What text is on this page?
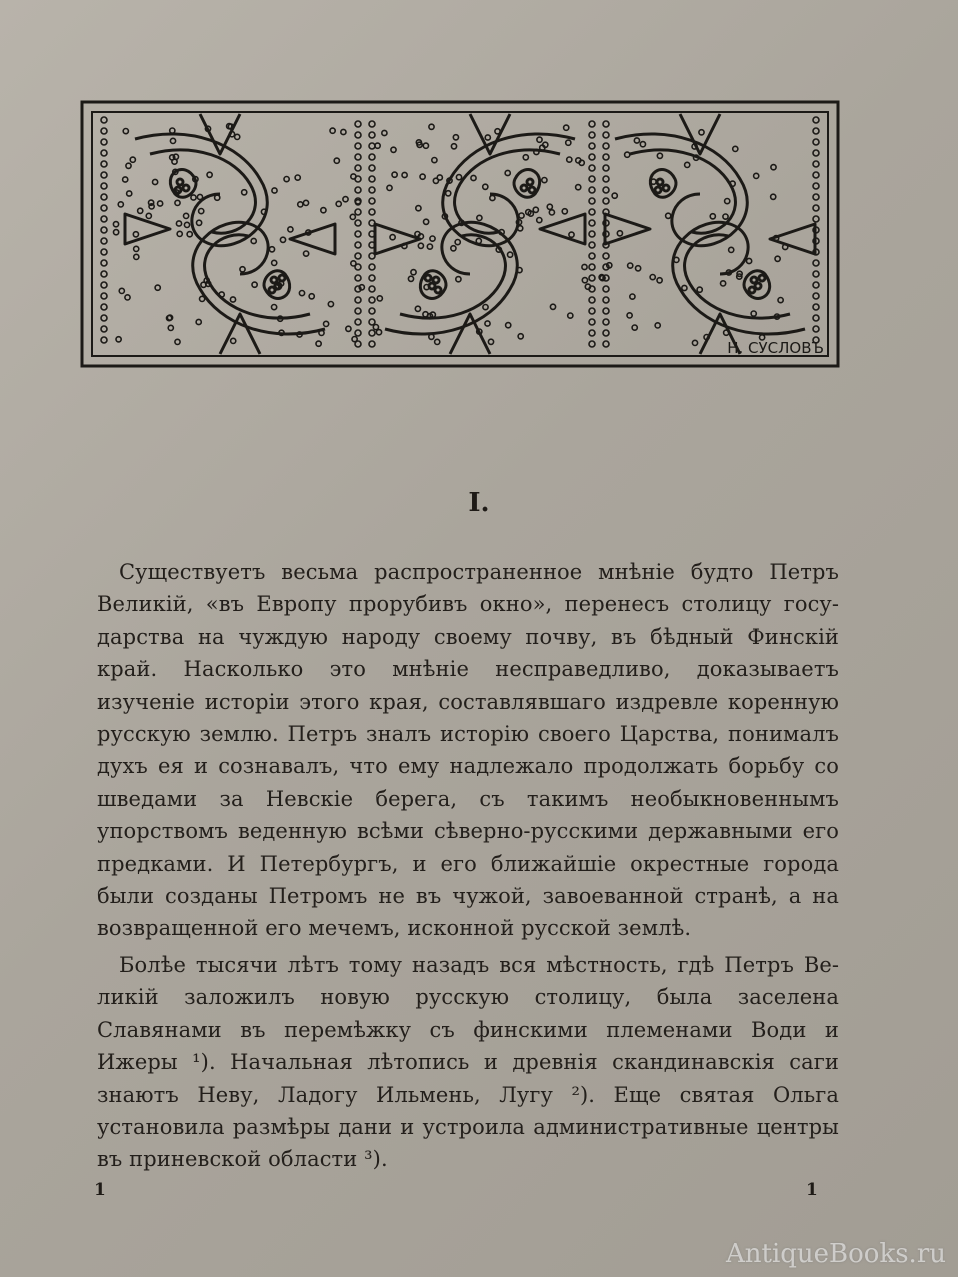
Н. СУСЛОВЪ
I.

Существуетъ весьма распространенное мнѣніе будто Петръ Великій, «въ Европу прорубивъ окно», перенесъ столицу государства на чуждую народу своему почву, въ бѣдный Финскій край. Насколько это мнѣніе несправедливо, доказываетъ изученіе исторіи этого края, составлявшаго издревле коренную русскую землю. Петръ зналъ исторію своего Царства, понималъ духъ ея и сознавалъ, что ему надлежало продолжать борьбу со шведами за Невскіе берега, съ такимъ необыкновеннымъ упорствомъ веденную всѣми сѣверно-русскими державными его предками. И Петербургъ, и его ближайшіе окрестные города были созданы Петромъ не въ чужой, завоеванной странѣ, а на возвращенной его мечемъ, исконной русской землѣ.

Болѣе тысячи лѣтъ тому назадъ вся мѣстность, гдѣ Петръ Великій заложилъ новую русскую столицу, была заселена Славянами въ перемѣжку съ финскими племенами Води и Ижеры ¹). Начальная лѣтопись и древнія скандинавскія саги знаютъ Неву, Ладогу Ильмень, Лугу ²). Еще святая Ольга установила размѣры дани и устроила административные центры въ приневской области ³).

1	1
AntiqueBooks.ru
